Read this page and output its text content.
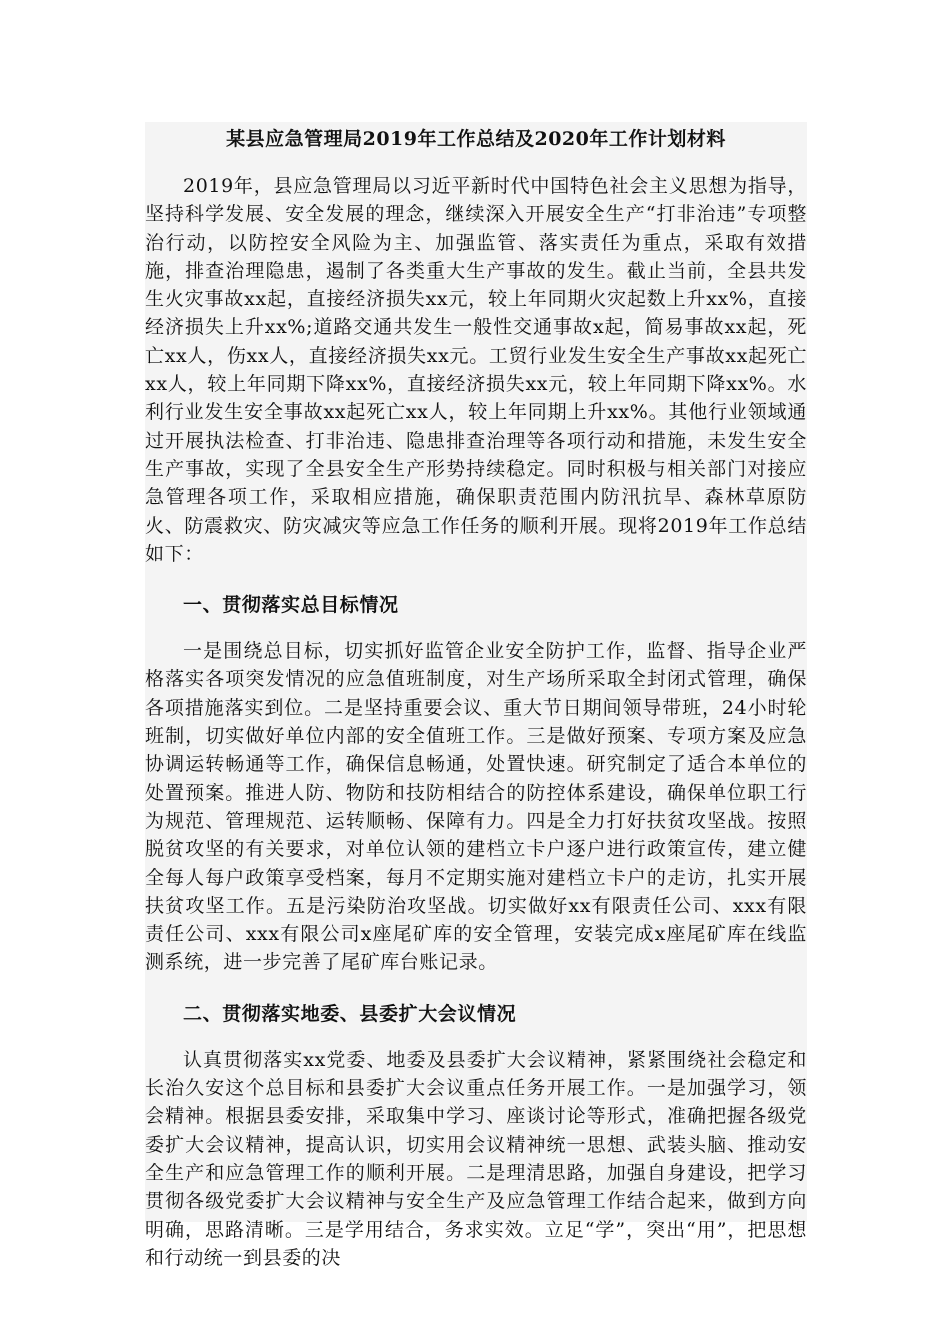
某县应急管理局2019年工作总结及2020年工作计划材料

2019年，县应急管理局以习近平新时代中国特色社会主义思想为指导，坚持科学发展、安全发展的理念，继续深入开展安全生产“打非治违”专项整治行动，以防控安全风险为主、加强监管、落实责任为重点，采取有效措施，排查治理隐患，遏制了各类重大生产事故的发生。截止当前，全县共发生火灾事故xx起，直接经济损失xx元，较上年同期火灾起数上升xx%，直接经济损失上升xx%;道路交通共发生一般性交通事故x起，简易事故xx起，死亡xx人，伤xx人，直接经济损失xx元。工贸行业发生安全生产事故xx起死亡xx人，较上年同期下降xx%，直接经济损失xx元，较上年同期下降xx%。水利行业发生安全事故xx起死亡xx人，较上年同期上升xx%。其他行业领域通过开展执法检查、打非治违、隐患排查治理等各项行动和措施，未发生安全生产事故，实现了全县安全生产形势持续稳定。同时积极与相关部门对接应急管理各项工作，采取相应措施，确保职责范围内防汛抗旱、森林草原防火、防震救灾、防灾减灾等应急工作任务的顺利开展。现将2019年工作总结如下：

一、贯彻落实总目标情况

一是围绕总目标，切实抓好监管企业安全防护工作，监督、指导企业严格落实各项突发情况的应急值班制度，对生产场所采取全封闭式管理，确保各项措施落实到位。二是坚持重要会议、重大节日期间领导带班，24小时轮班制，切实做好单位内部的安全值班工作。三是做好预案、专项方案及应急协调运转畅通等工作，确保信息畅通，处置快速。研究制定了适合本单位的处置预案。推进人防、物防和技防相结合的防控体系建设，确保单位职工行为规范、管理规范、运转顺畅、保障有力。四是全力打好扶贫攻坚战。按照脱贫攻坚的有关要求，对单位认领的建档立卡户逐户进行政策宣传，建立健全每人每户政策享受档案，每月不定期实施对建档立卡户的走访，扎实开展扶贫攻坚工作。五是污染防治攻坚战。切实做好xx有限责任公司、xxx有限责任公司、xxx有限公司x座尾矿库的安全管理，安装完成x座尾矿库在线监测系统，进一步完善了尾矿库台账记录。

二、贯彻落实地委、县委扩大会议情况

认真贯彻落实xx党委、地委及县委扩大会议精神，紧紧围绕社会稳定和长治久安这个总目标和县委扩大会议重点任务开展工作。一是加强学习，领会精神。根据县委安排，采取集中学习、座谈讨论等形式，准确把握各级党委扩大会议精神，提高认识，切实用会议精神统一思想、武装头脑、推动安全生产和应急管理工作的顺利开展。二是理清思路，加强自身建设，把学习贯彻各级党委扩大会议精神与安全生产及应急管理工作结合起来，做到方向明确，思路清晰。三是学用结合，务求实效。立足“学”，突出“用”，把思想和行动统一到县委的决
